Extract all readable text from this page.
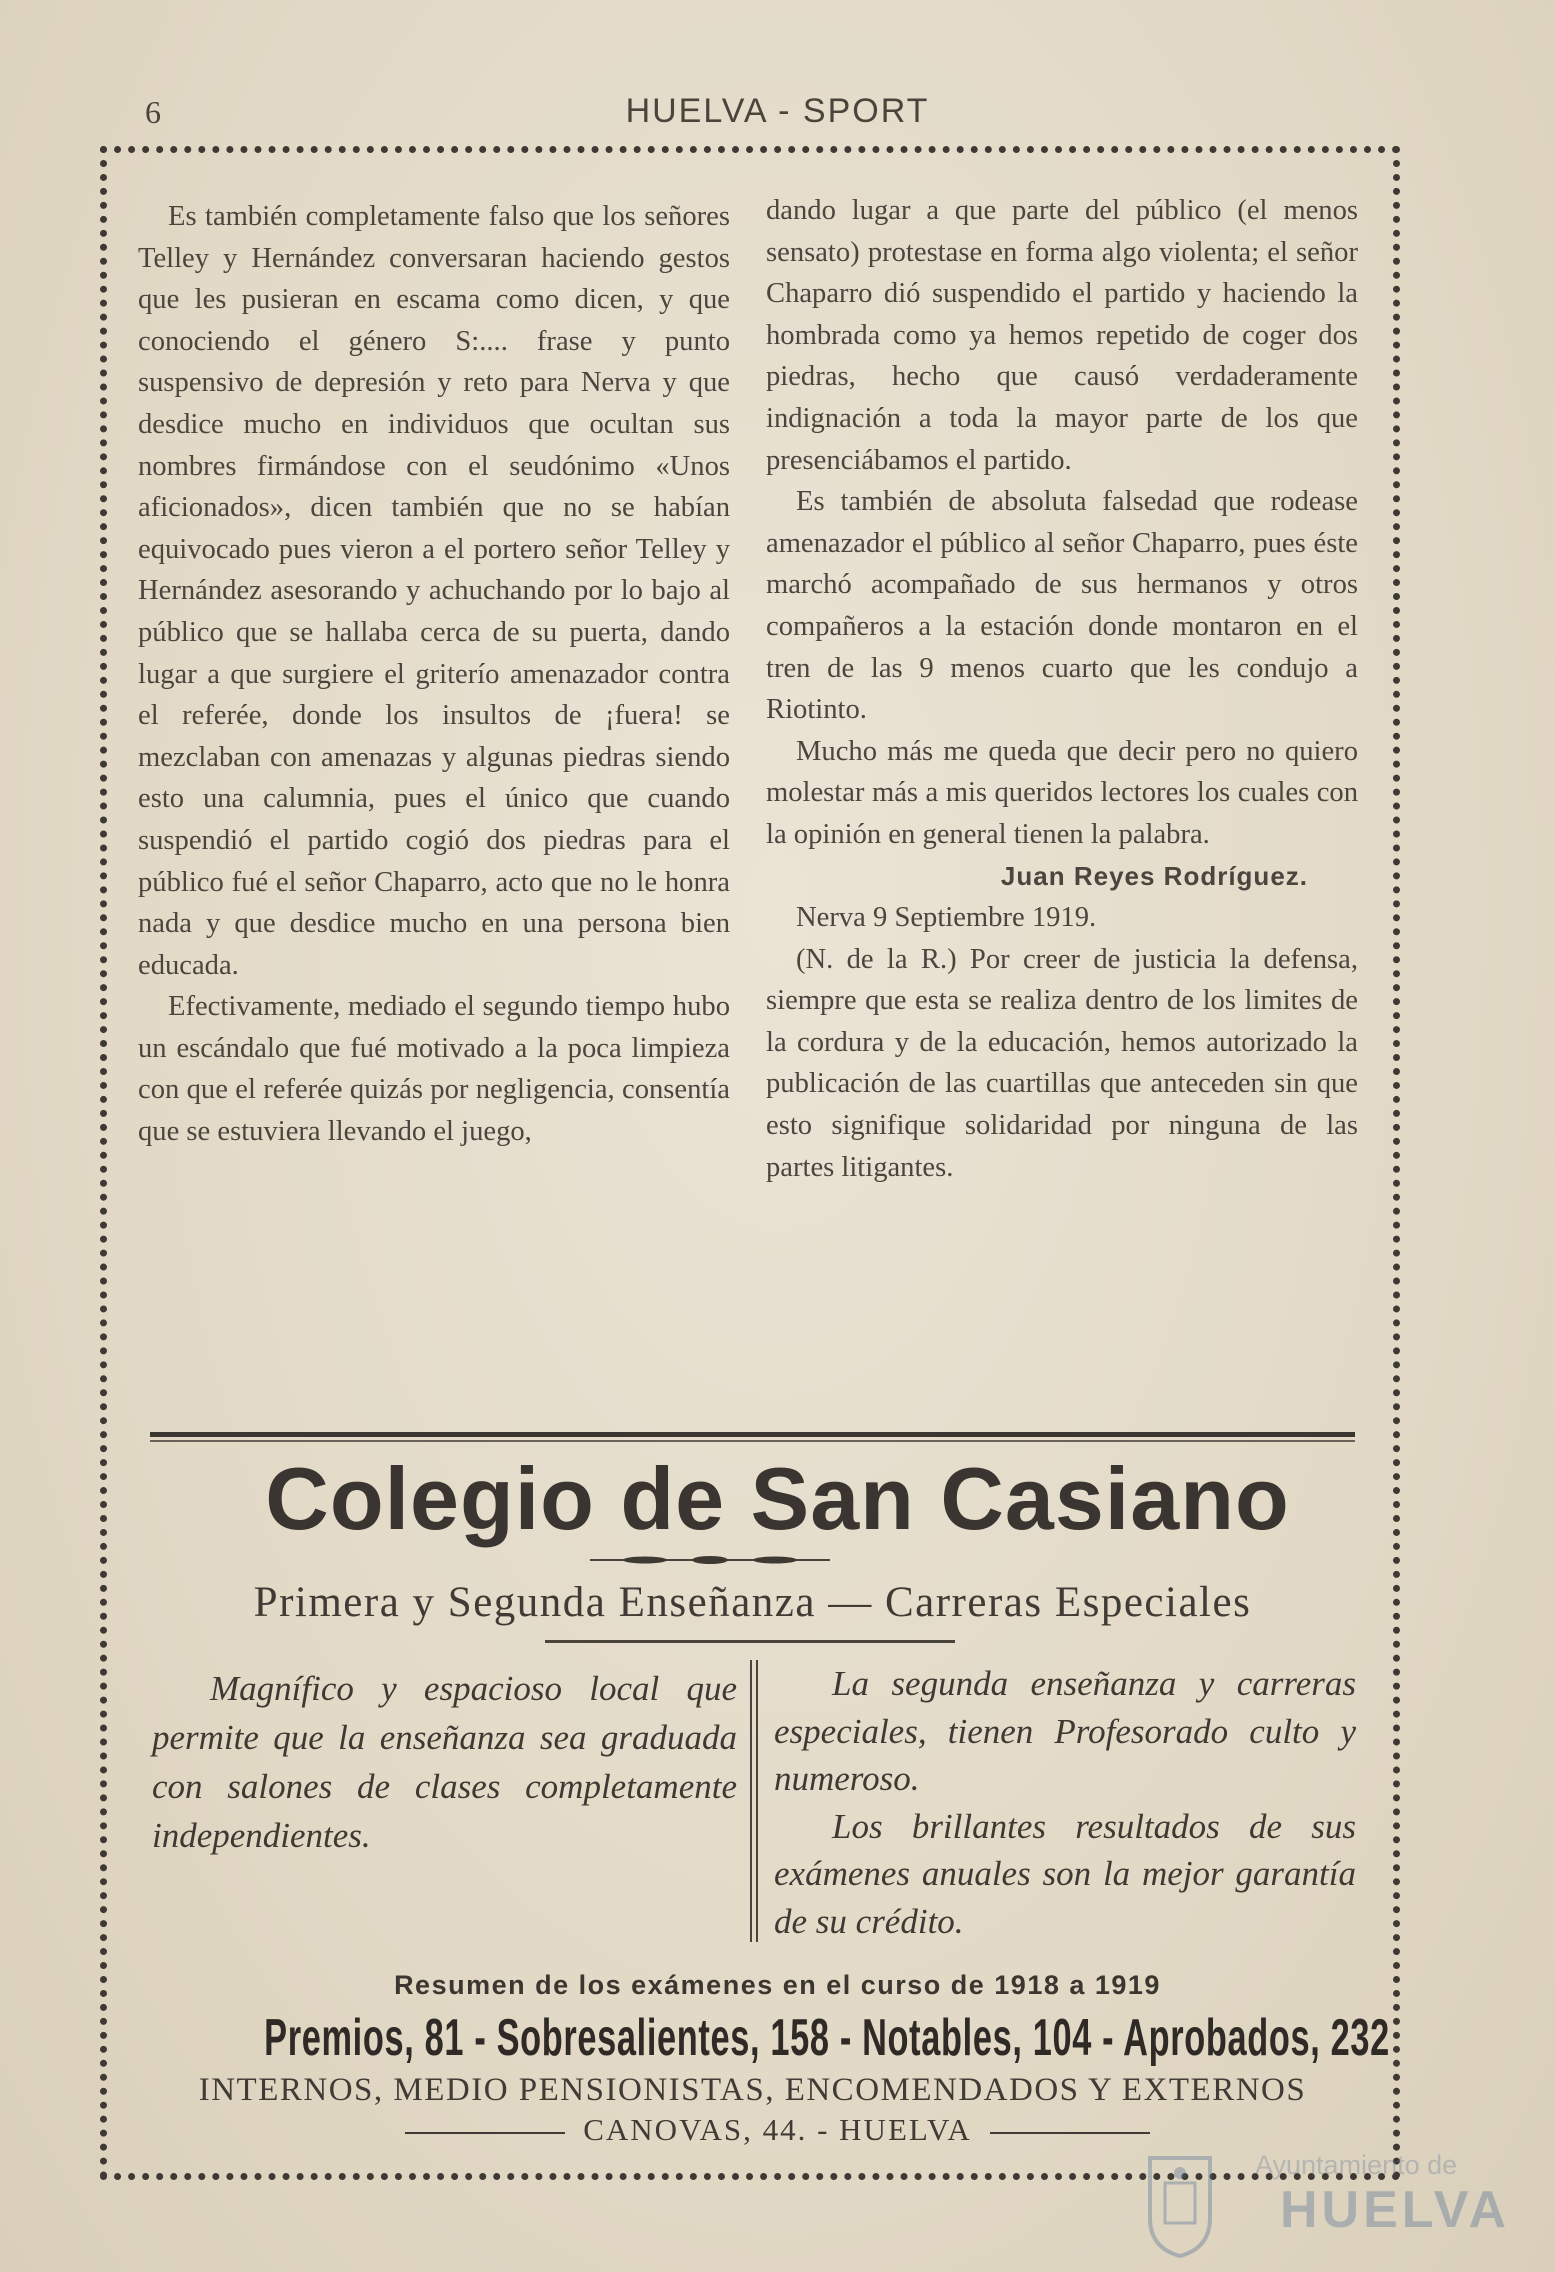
6	HUELVA - SPORT

Es también completamente falso que los señores Telley y Hernández conversaran haciendo gestos que les pusieran en escama como dicen, y que conociendo el género S:.... frase y punto suspensivo de depresión y reto para Nerva y que desdice mucho en individuos que ocultan sus nombres firmándose con el seudónimo «Unos aficionados», dicen también que no se habían equivocado pues vieron a el portero señor Telley y Hernández asesorando y achuchando por lo bajo al público que se hallaba cerca de su puerta, dando lugar a que surgiere el griterío amenazador contra el referée, donde los insultos de ¡fuera! se mezclaban con amenazas y algunas piedras siendo esto una calumnia, pues el único que cuando suspendió el partido cogió dos piedras para el público fué el señor Chaparro, acto que no le honra nada y que desdice mucho en una persona bien educada.

Efectivamente, mediado el segundo tiempo hubo un escándalo que fué motivado a la poca limpieza con que el referée quizás por negligencia, consentía que se estuviera llevando el juego,

dando lugar a que parte del público (el menos sensato) protestase en forma algo violenta; el señor Chaparro dió suspendido el partido y haciendo la hombrada como ya hemos repetido de coger dos piedras, hecho que causó verdaderamente indignación a toda la mayor parte de los que presenciábamos el partido.

Es también de absoluta falsedad que rodease amenazador el público al señor Chaparro, pues éste marchó acompañado de sus hermanos y otros compañeros a la estación donde montaron en el tren de las 9 menos cuarto que les condujo a Riotinto.

Mucho más me queda que decir pero no quiero molestar más a mis queridos lectores los cuales con la opinión en general tienen la palabra.

Juan Reyes Rodríguez.

Nerva 9 Septiembre 1919.

(N. de la R.) Por creer de justicia la defensa, siempre que esta se realiza dentro de los limites de la cordura y de la educación, hemos autorizado la publicación de las cuartillas que anteceden sin que esto signifique solidaridad por ninguna de las partes litigantes.

Colegio de San Casiano
Primera y Segunda Enseñanza — Carreras Especiales

Magnífico y espacioso local que permite que la enseñanza sea graduada con salones de clases completamente independientes.

La segunda enseñanza y carreras especiales, tienen Profesorado culto y numeroso.

Los brillantes resultados de sus exámenes anuales son la mejor garantía de su crédito.

Resumen de los exámenes en el curso de 1918 a 1919
Premios, 81 - Sobresalientes, 158 - Notables, 104 - Aprobados, 232
INTERNOS, MEDIO PENSIONISTAS, ENCOMENDADOS Y EXTERNOS
CANOVAS, 44. - HUELVA
Ayuntamiento de
HUELVA
